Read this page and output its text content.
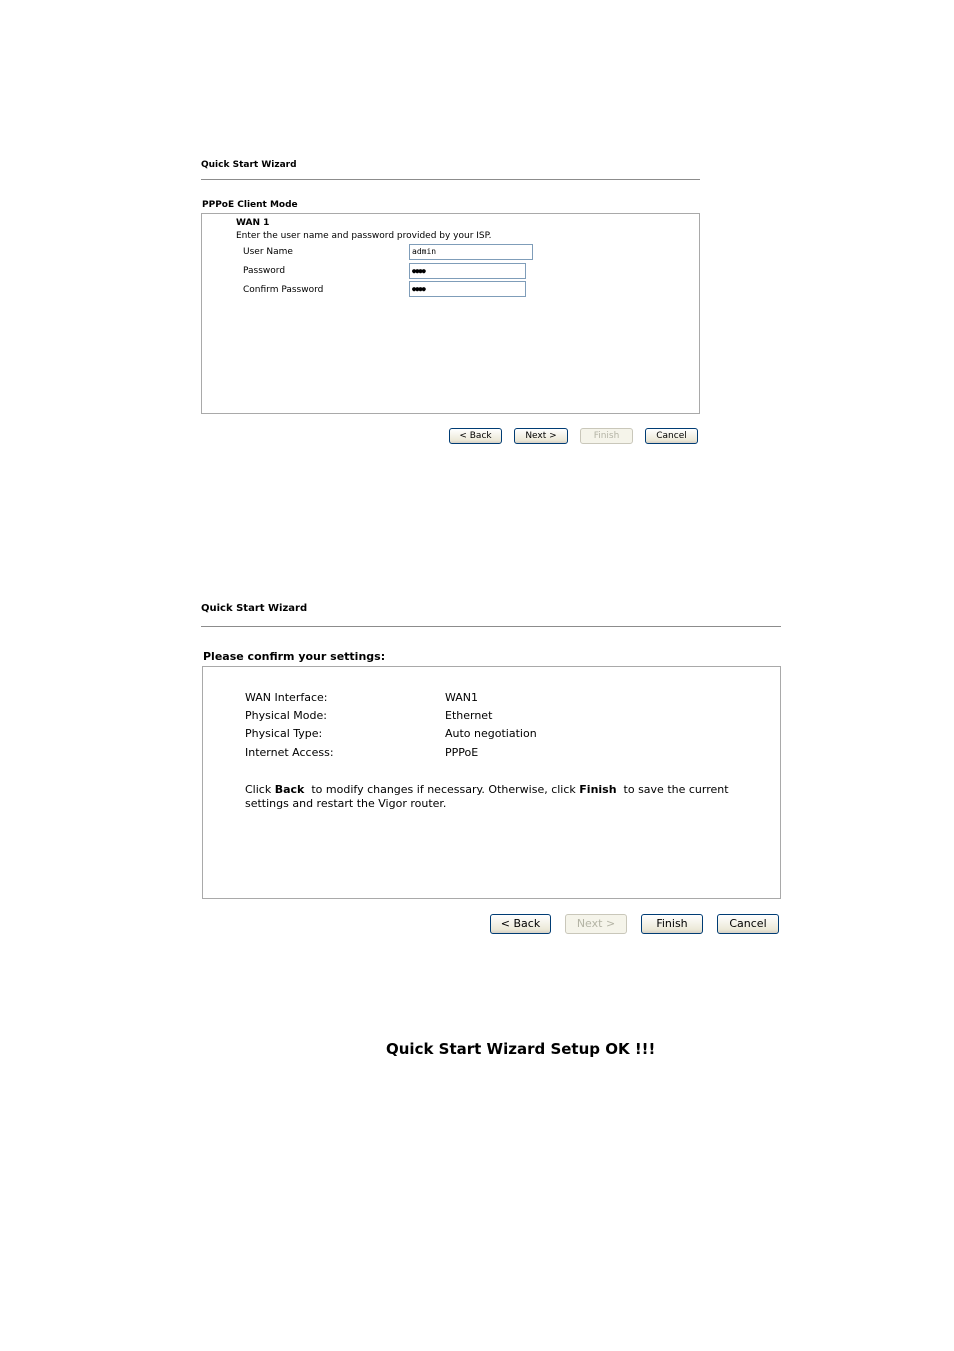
Quick Start Wizard
PPPoE Client Mode
WAN 1
Enter the user name and password provided by your ISP.
User Name	admin
Password	●●●●
Confirm Password	●●●●
< Back	Next >	Finish	Cancel
Quick Start Wizard
Please confirm your settings:
WAN Interface:	WAN1
Physical Mode:	Ethernet
Physical Type:	Auto negotiation
Internet Access:	PPPoE
Click Back  to modify changes if necessary. Otherwise, click Finish  to save the current
settings and restart the Vigor router.
< Back	Next >	Finish	Cancel
Quick Start Wizard Setup OK !!!
